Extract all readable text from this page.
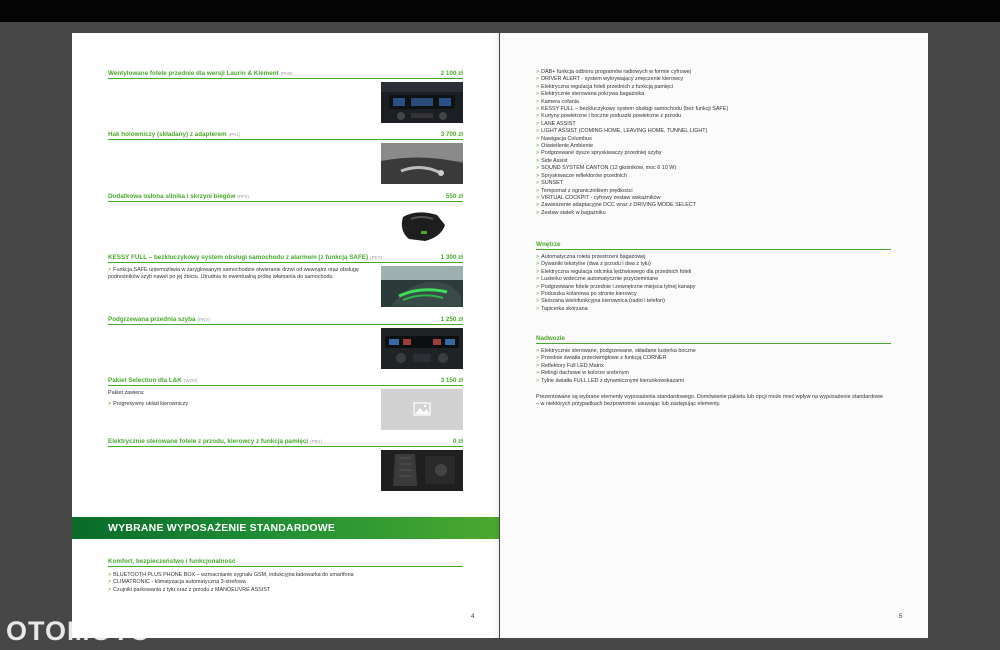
Wentylowane fotele przednie dla wersji Laurin & Klement (PH8)	2 100 zł
Hak holowniczy (składany) z adapterem (PK1)	3 700 zł
Dodatkowa osłona silnika i skrzyni biegów (PF0)	550 zł
KESSY FULL – bezkluczykowy system obsługi samochodu z alarmem (z funkcją SAFE) (PK7)	1 300 zł
> Funkcja SAFE uniemożliwia w zaryglowanym samochodzie otwieranie drzwi od wewnątrz oraz obsługę podnośników szyb nawet po jej zbiciu. Utrudnia to ewentualną próbę włamania do samochodu.
Podgrzewana przednia szyba (PKV)	1 250 zł
Pakiet Selection dla L&K (WG0)	3 150 zł
Pakiet zawiera:
> Progresywny układ kierowniczy
Elektrycznie sterowane fotele z przodu, kierowcy z funkcją pamięci (PB1)	0 zł
WYBRANE WYPOSAŻENIE STANDARDOWE
Komfort, bezpieczeństwo i funkcjonalność
> BLUETOOTH PLUS PHONE BOX – wzmacnianie sygnału GSM, indukcyjna ładowarka do smartfona
> CLIMATRONIC - klimatyzacja automatyczna 3-strefowa
> Czujniki parkowania z tyłu oraz z przodu z MANOEUVRE ASSIST
4
> DAB+ funkcja odbioru programów radiowych w formie cyfrowej
> DRIVER ALERT - system wykrywający zmęczenie kierowcy
> Elektryczna regulacja foteli przednich z funkcją pamięci
> Elektrycznie sterowana pokrywa bagażnika
> Kamera cofania
> KESSY FULL – bezkluczykowy system obsługi samochodu (bez funkcji SAFE)
> Kurtyny powietrzne i boczne poduszki powietrzne z przodu
> LANE ASSIST
> LIGHT ASSIST (COMING HOME, LEAVING HOME, TUNNEL LIGHT)
> Nawigacja Columbus
> Oświetlenie Ambiente
> Podgrzewane dysze spryskiwaczy przedniej szyby
> Side Assist
> SOUND SYSTEM CANTON (12 głośników, moc 6 10 W)
> Spryskiwacze reflektorów przednich
> SUNSET
> Tempomat z ogranicznikiem prędkości
> VIRTUAL COCKPIT - cyfrowy zestaw wskaźników
> Zawieszenie adaptacyjne DCC wraz z DRIVING MODE SELECT
> Zestaw siatek w bagażniku
Wnętrze
> Automatyczna roleta przestrzeni bagażowej
> Dywaniki tekstylne (dwa z przodu i dwa z tyłu)
> Elektryczna regulacja odcinka lędźwiowego dla przednich foteli
> Lusterko wsteczne automatycznie przyciemniane
> Podgrzewane fotele przednie i zewnętrzne miejsca tylnej kanapy
> Poduszka kolanowa po stronie kierowcy
> Skórzana wielofunkcyjna kierownica (radio i telefon)
> Tapicerka skórzana
Nadwozie
> Elektrycznie sterowane, podgrzewane, składane lusterka boczne
> Przednie światła przeciwmgłowe z funkcją CORNER
> Reflektory Full LED Matrix
> Relingi dachowe w kolorze srebrnym
> Tylne światła FULL LED z dynamicznymi kierunkowskazami
Prezentowane są wybrane elementy wyposażenia standardowego. Domówienie pakietu lub opcji może mieć wpływ na wyposażenie standardowe – w niektórych przypadkach bezpowrotnie usuwając lub zastępując elementy.
5
OTOMOTO
